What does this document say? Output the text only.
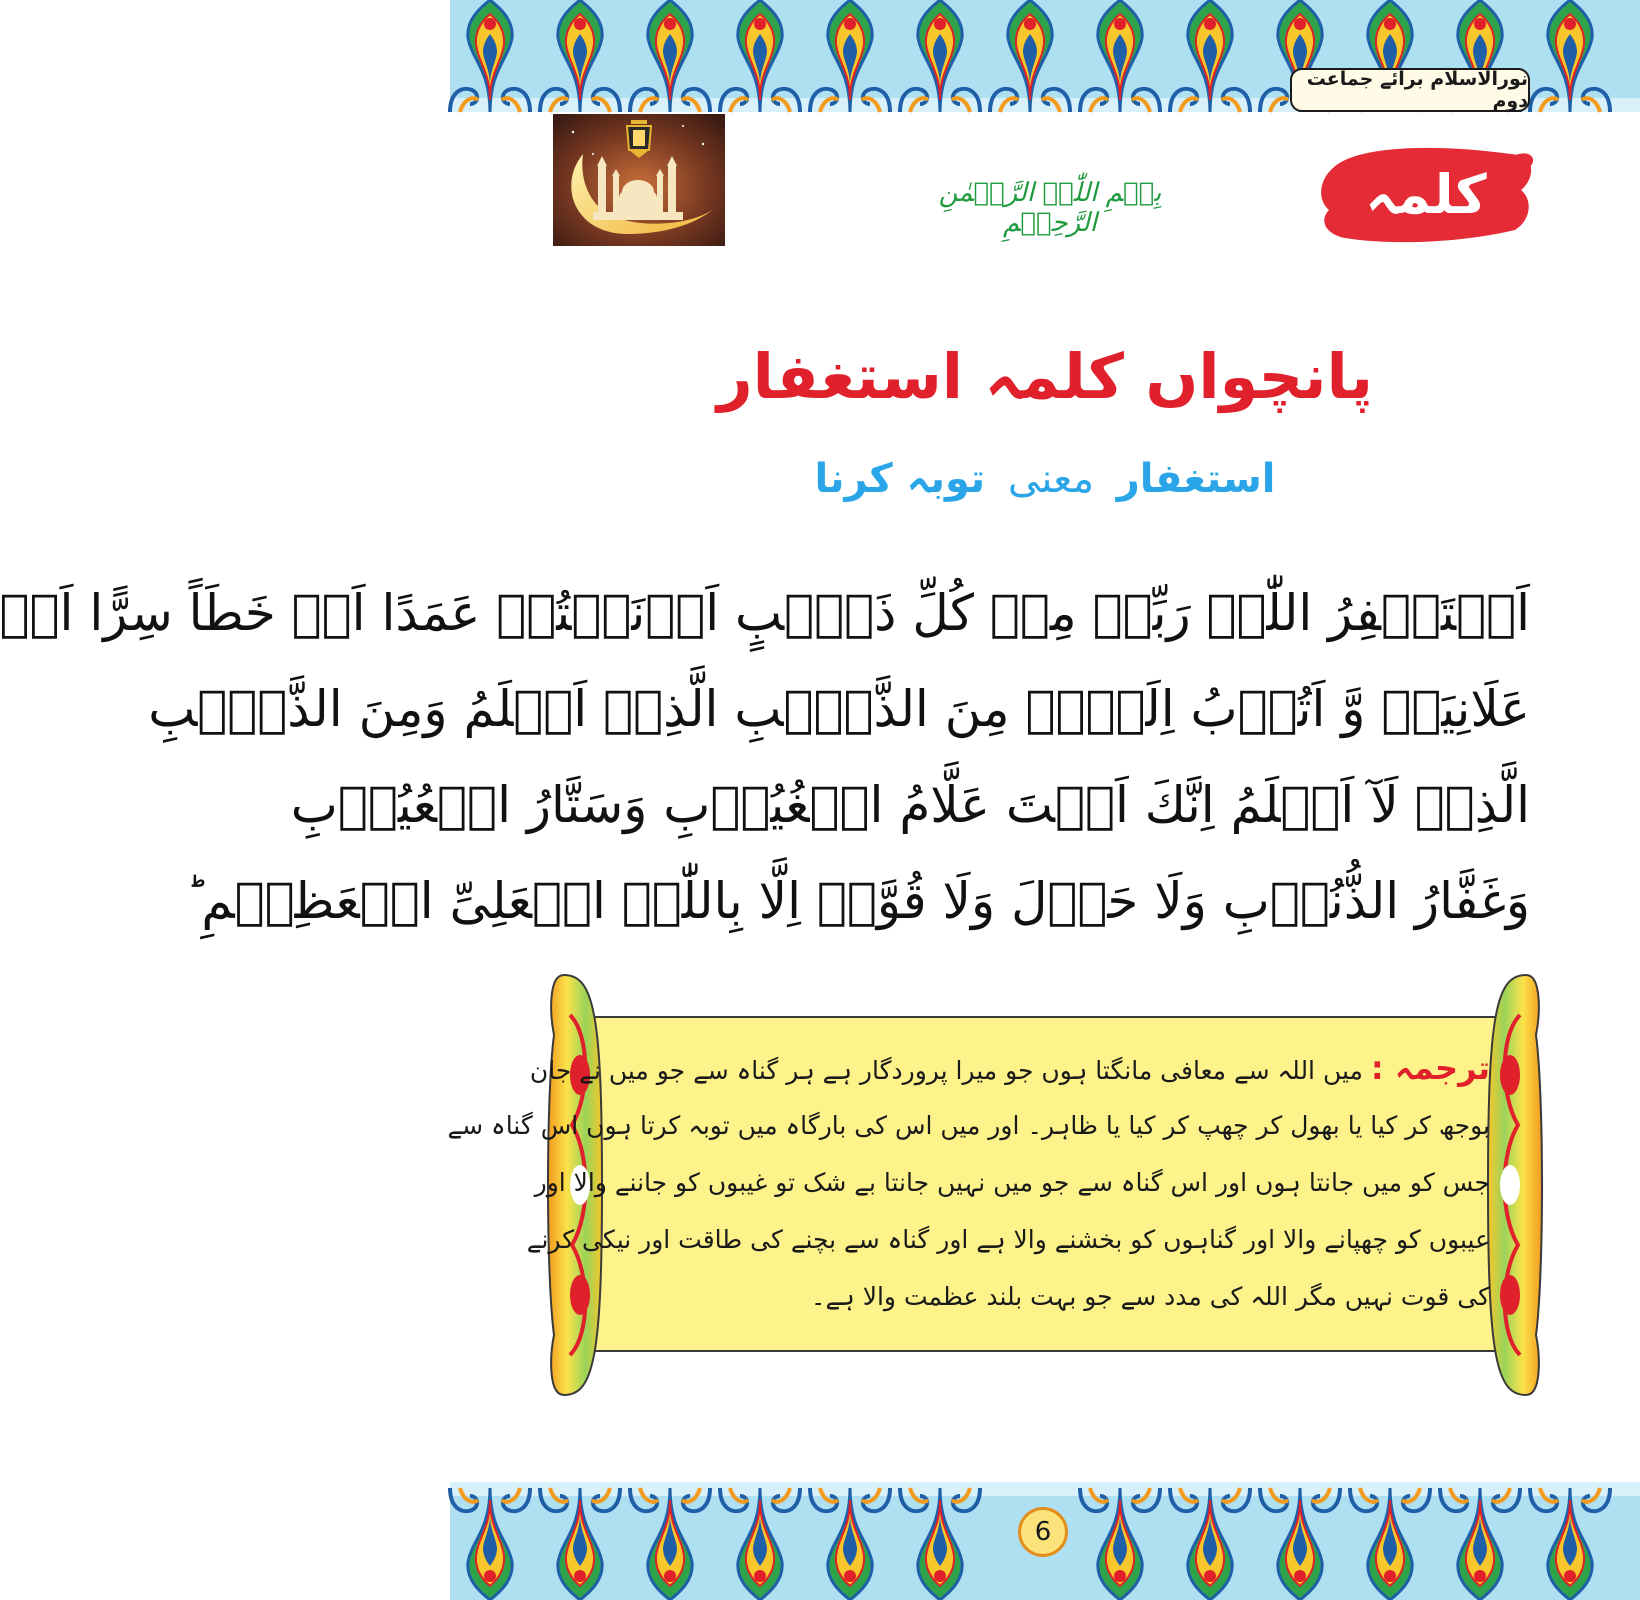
نورالاسلام برائے جماعت دوم
بِسۡمِ اللّٰہِ الرَّحۡمٰنِ الرَّحِیۡمِ	کلمہ
پانچواں کلمہ استغفار
استغفار معنی توبہ کرنا
اَسۡتَغۡفِرُ اللّٰہَ رَبِّیۡ مِنۡ کُلِّ ذَنۡۢبٍ اَذۡنَبۡتُہٗ عَمَدًا اَوۡ خَطَاً سِرًّا اَوۡ
عَلَانِیَۃً وَّ اَتُوۡبُ اِلَیۡہِ مِنَ الذَّنۡۢبِ الَّذِیۡ اَعۡلَمُ وَمِنَ الذَّنۡۢبِ
الَّذِیۡ لَآ اَعۡلَمُ اِنَّكَ اَنۡتَ عَلَّامُ الۡغُیُوۡبِ وَسَتَّارُ الۡعُیُوۡبِ
وَغَفَّارُ الذُّنُوۡبِ وَلَا حَوۡلَ وَلَا قُوَّۃَ اِلَّا بِاللّٰہِ الۡعَلِیِّ الۡعَظِیۡمِ ؕ
ترجمہ : میں اللہ سے معافی مانگتا ہوں جو میرا پروردگار ہے ہر گناہ سے جو میں نے جان
بوجھ کر کیا یا بھول کر چھپ کر کیا یا ظاہر۔ اور میں اس کی بارگاہ میں توبہ کرتا ہوں اس گناہ سے
جس کو میں جانتا ہوں اور اس گناہ سے جو میں نہیں جانتا بے شک تو غیبوں کو جاننے والا اور
عیبوں کو چھپانے والا اور گناہوں کو بخشنے والا ہے اور گناہ سے بچنے کی طاقت اور نیکی کرنے
کی قوت نہیں مگر اللہ کی مدد سے جو بہت بلند عظمت والا ہے۔
6
